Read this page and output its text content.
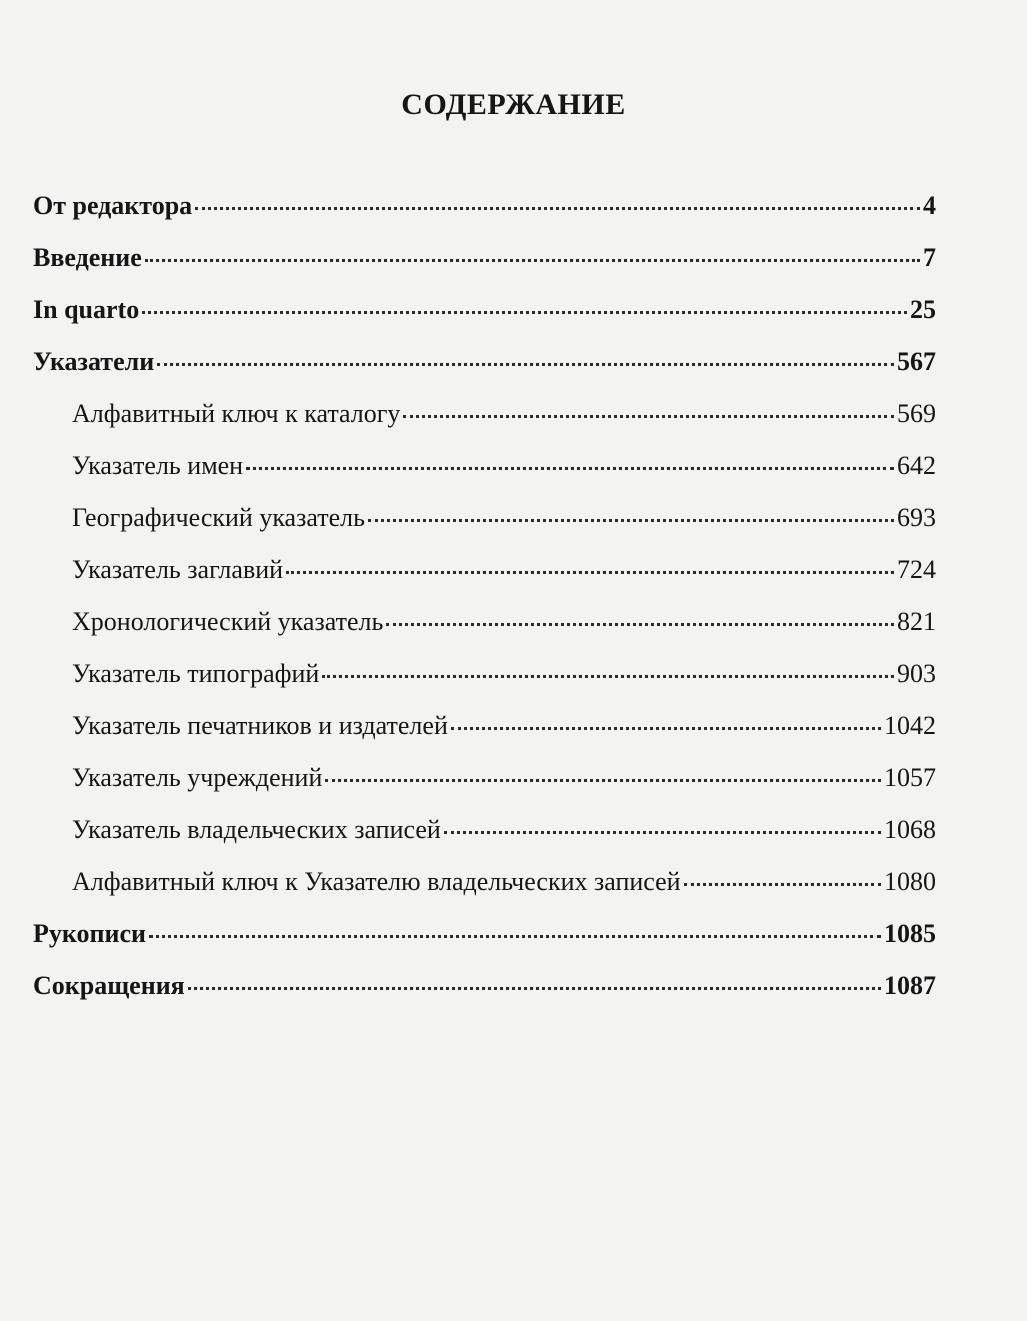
СОДЕРЖАНИЕ
От редактора	4
Введение	7
In quarto	25
Указатели	567
Алфавитный ключ к каталогу	569
Указатель имен	642
Географический указатель	693
Указатель заглавий	724
Хронологический указатель	821
Указатель типографий	903
Указатель печатников и издателей	1042
Указатель учреждений	1057
Указатель владельческих записей	1068
Алфавитный ключ к Указателю владельческих записей	1080
Рукописи	1085
Сокращения	1087
